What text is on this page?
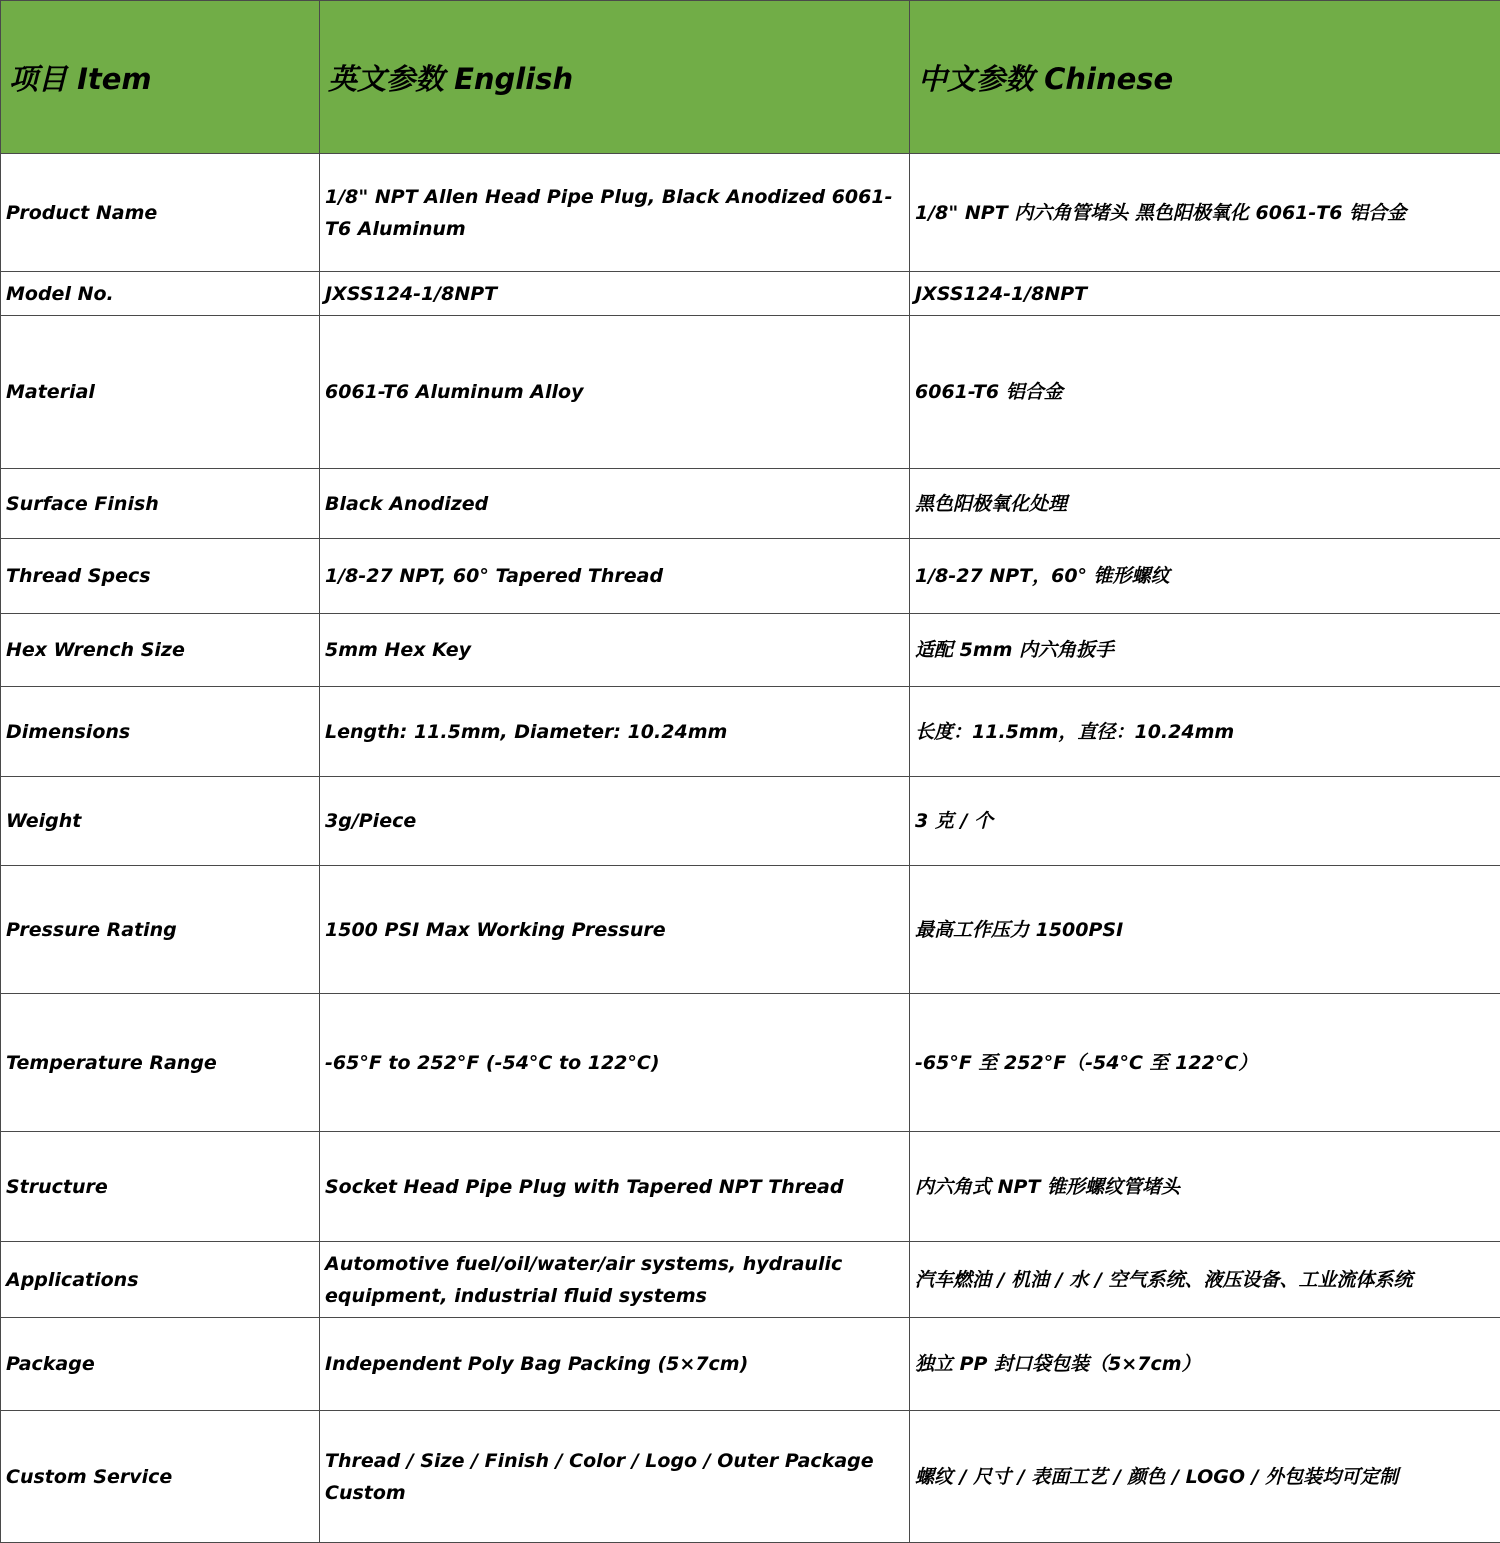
项目 Item	英文参数 English	中文参数 Chinese
Product Name	1/8" NPT Allen Head Pipe Plug, Black Anodized 6061-T6 Aluminum	1/8" NPT 内六角管堵头 黑色阳极氧化 6061-T6 铝合金
Model No.	JXSS124-1/8NPT	JXSS124-1/8NPT
Material	6061-T6 Aluminum Alloy	6061-T6 铝合金
Surface Finish	Black Anodized	黑色阳极氧化处理
Thread Specs	1/8-27 NPT, 60° Tapered Thread	1/8-27 NPT，60° 锥形螺纹
Hex Wrench Size	5mm Hex Key	适配 5mm 内六角扳手
Dimensions	Length: 11.5mm, Diameter: 10.24mm	长度：11.5mm，直径：10.24mm
Weight	3g/Piece	3 克 / 个
Pressure Rating	1500 PSI Max Working Pressure	最高工作压力 1500PSI
Temperature Range	-65°F to 252°F (-54°C to 122°C)	-65°F 至 252°F（-54°C 至 122°C）
Structure	Socket Head Pipe Plug with Tapered NPT Thread	内六角式 NPT 锥形螺纹管堵头
Applications	Automotive fuel/oil/water/air systems, hydraulic equipment, industrial fluid systems	汽车燃油 / 机油 / 水 / 空气系统、液压设备、工业流体系统
Package	Independent Poly Bag Packing (5×7cm)	独立 PP 封口袋包装（5×7cm）
Custom Service	Thread / Size / Finish / Color / Logo / Outer Package Custom	螺纹 / 尺寸 / 表面工艺 / 颜色 / LOGO / 外包装均可定制
